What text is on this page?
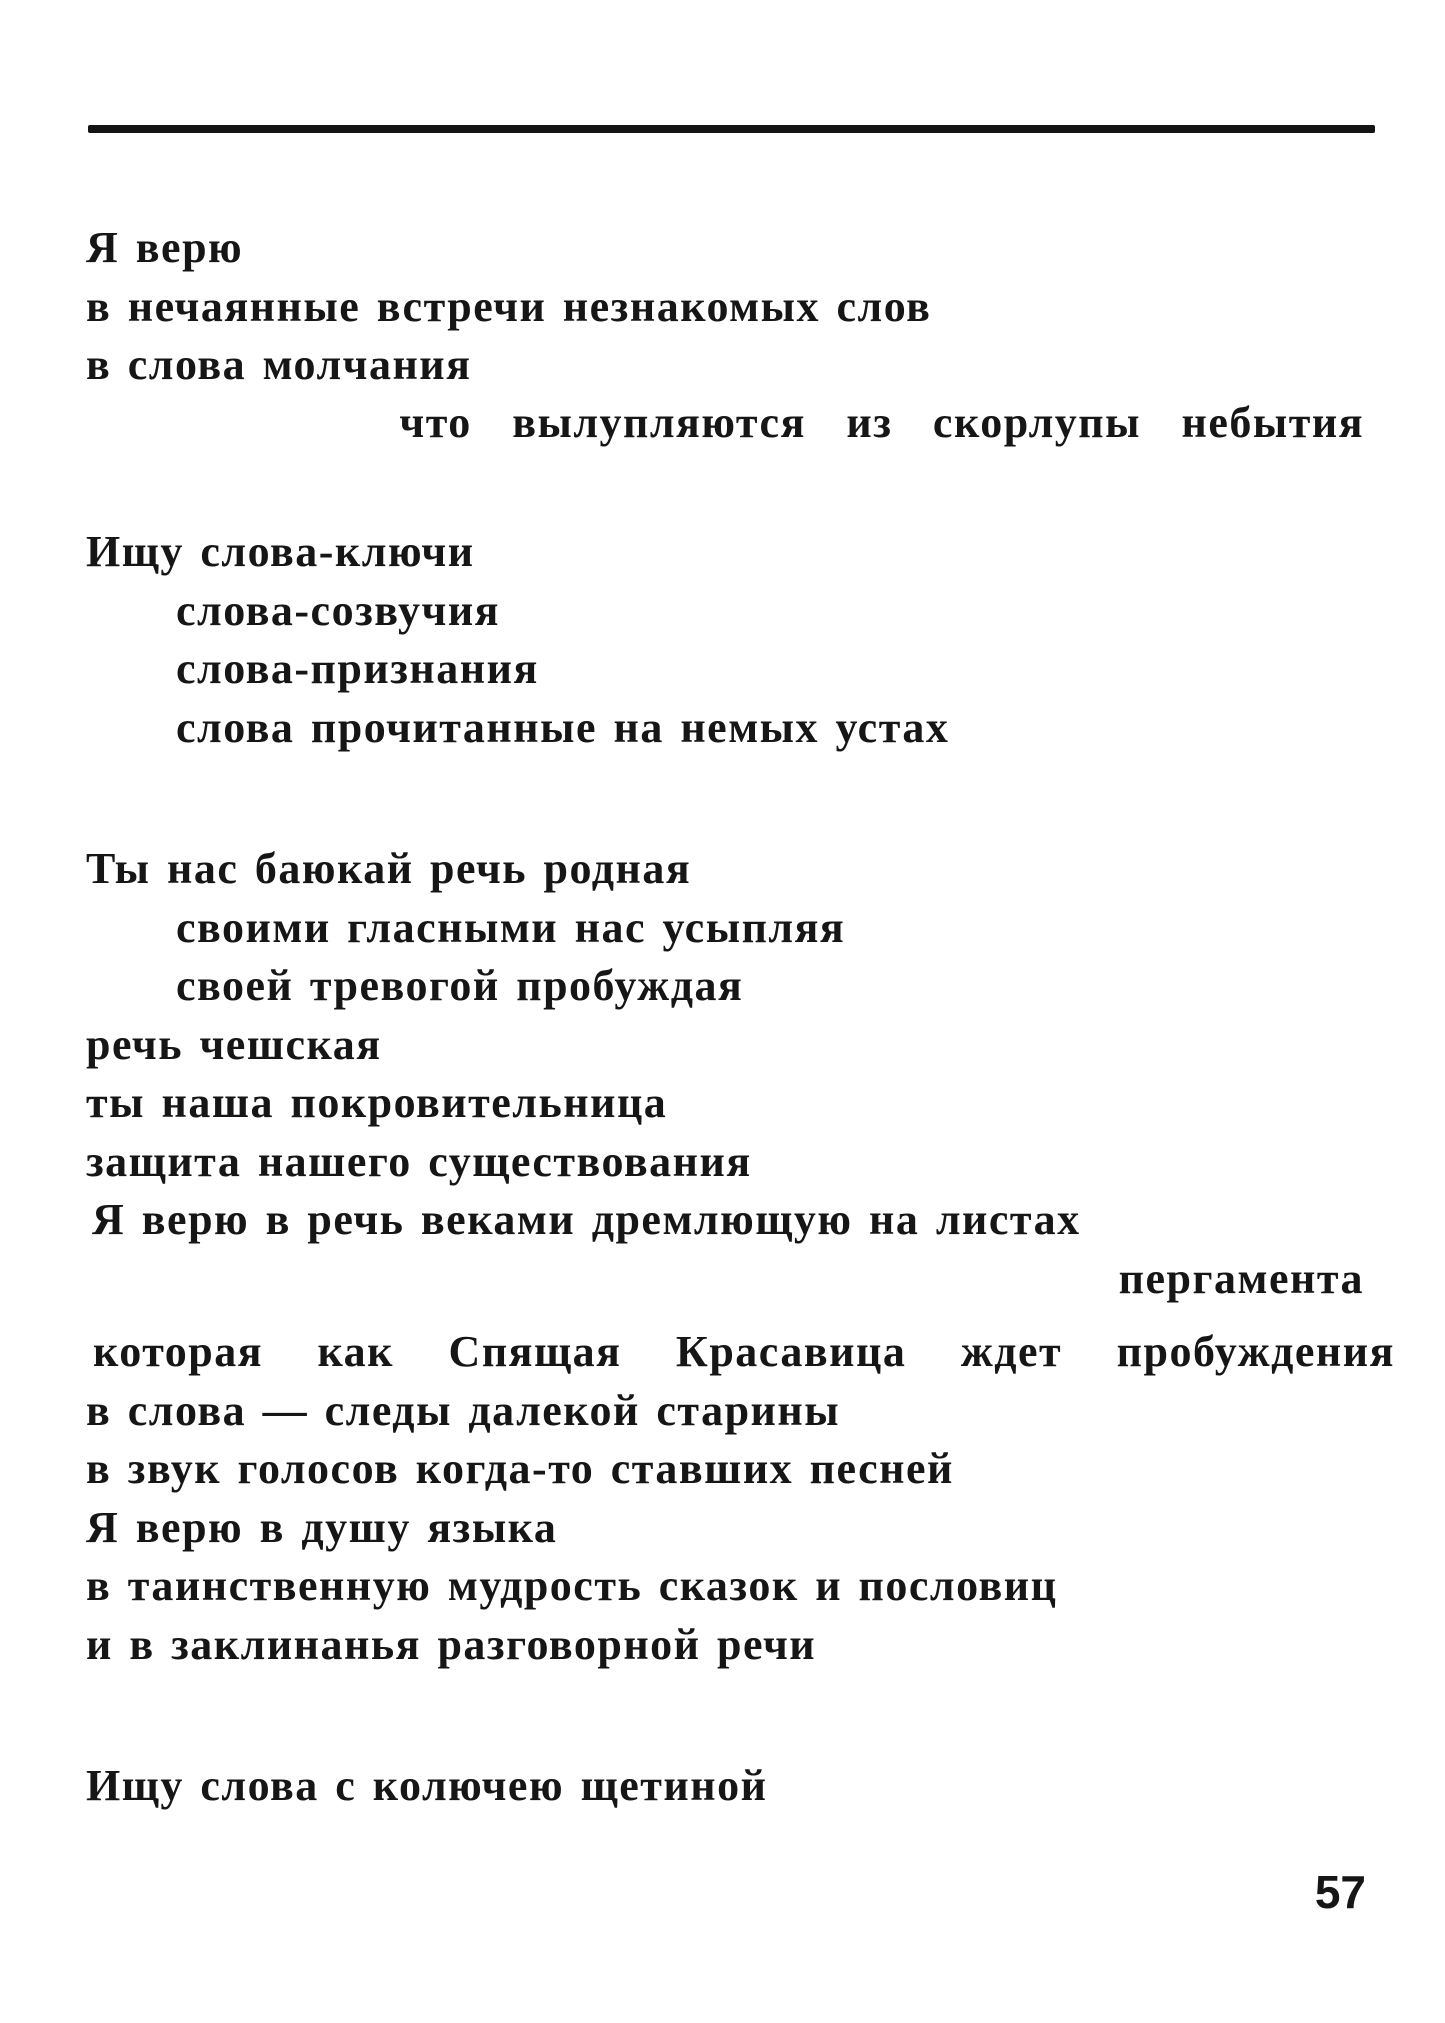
Я верю
в нечаянные встречи незнакомых слов
в слова молчания
что вылупляются из скорлупы небытия
Ищу слова-ключи
слова-созвучия
слова-признания
слова прочитанные на немых устах
Ты нас баюкай речь родная
своими гласными нас усыпляя
своей тревогой пробуждая
речь чешская
ты наша покровительница
защита нашего существования
Я верю в речь веками дремлющую на листах
пергамента
которая как Спящая Красавица ждет пробуждения
в слова — следы далекой старины
в звук голосов когда-то ставших песней
Я верю в душу языка
в таинственную мудрость сказок и пословиц
и в заклинанья разговорной речи
Ищу слова с колючею щетиной
57
